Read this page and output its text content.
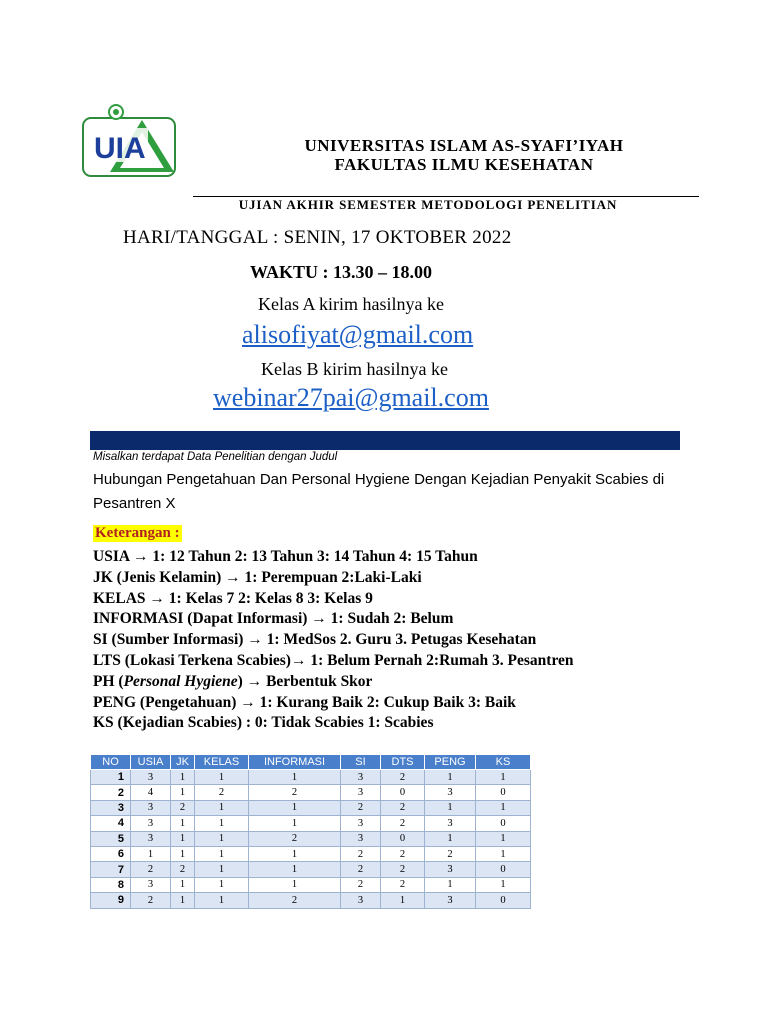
UIA	UNIVERSITAS ISLAM AS-SYAFI’IYAH
FAKULTAS ILMU KESEHATAN
UJIAN AKHIR SEMESTER METODOLOGI PENELITIAN
HARI/TANGGAL : SENIN, 17 OKTOBER 2022
WAKTU : 13.30 – 18.00
Kelas A kirim hasilnya ke
alisofiyat@gmail.com
Kelas B kirim hasilnya ke
webinar27pai@gmail.com
Misalkan terdapat Data Penelitian dengan Judul
Hubungan Pengetahuan Dan Personal Hygiene Dengan Kejadian Penyakit Scabies di Pesantren X
Keterangan :
USIA → 1: 12 Tahun 2: 13 Tahun 3: 14 Tahun 4: 15 Tahun
JK (Jenis Kelamin) → 1: Perempuan 2:Laki-Laki
KELAS → 1: Kelas 7 2: Kelas 8 3: Kelas 9
INFORMASI (Dapat Informasi) → 1: Sudah 2: Belum
SI (Sumber Informasi) → 1: MedSos 2. Guru 3. Petugas Kesehatan
LTS (Lokasi Terkena Scabies)→ 1: Belum Pernah 2:Rumah 3. Pesantren
PH (Personal Hygiene) → Berbentuk Skor
PENG (Pengetahuan) → 1: Kurang Baik 2: Cukup Baik 3: Baik
KS (Kejadian Scabies) : 0: Tidak Scabies 1: Scabies
NO	USIA	JK	KELAS	INFORMASI	SI	DTS	PENG	KS
1	3	1	1	1	3	2	1	1
2	4	1	2	2	3	0	3	0
3	3	2	1	1	2	2	1	1
4	3	1	1	1	3	2	3	0
5	3	1	1	2	3	0	1	1
6	1	1	1	1	2	2	2	1
7	2	2	1	1	2	2	3	0
8	3	1	1	1	2	2	1	1
9	2	1	1	2	3	1	3	0
